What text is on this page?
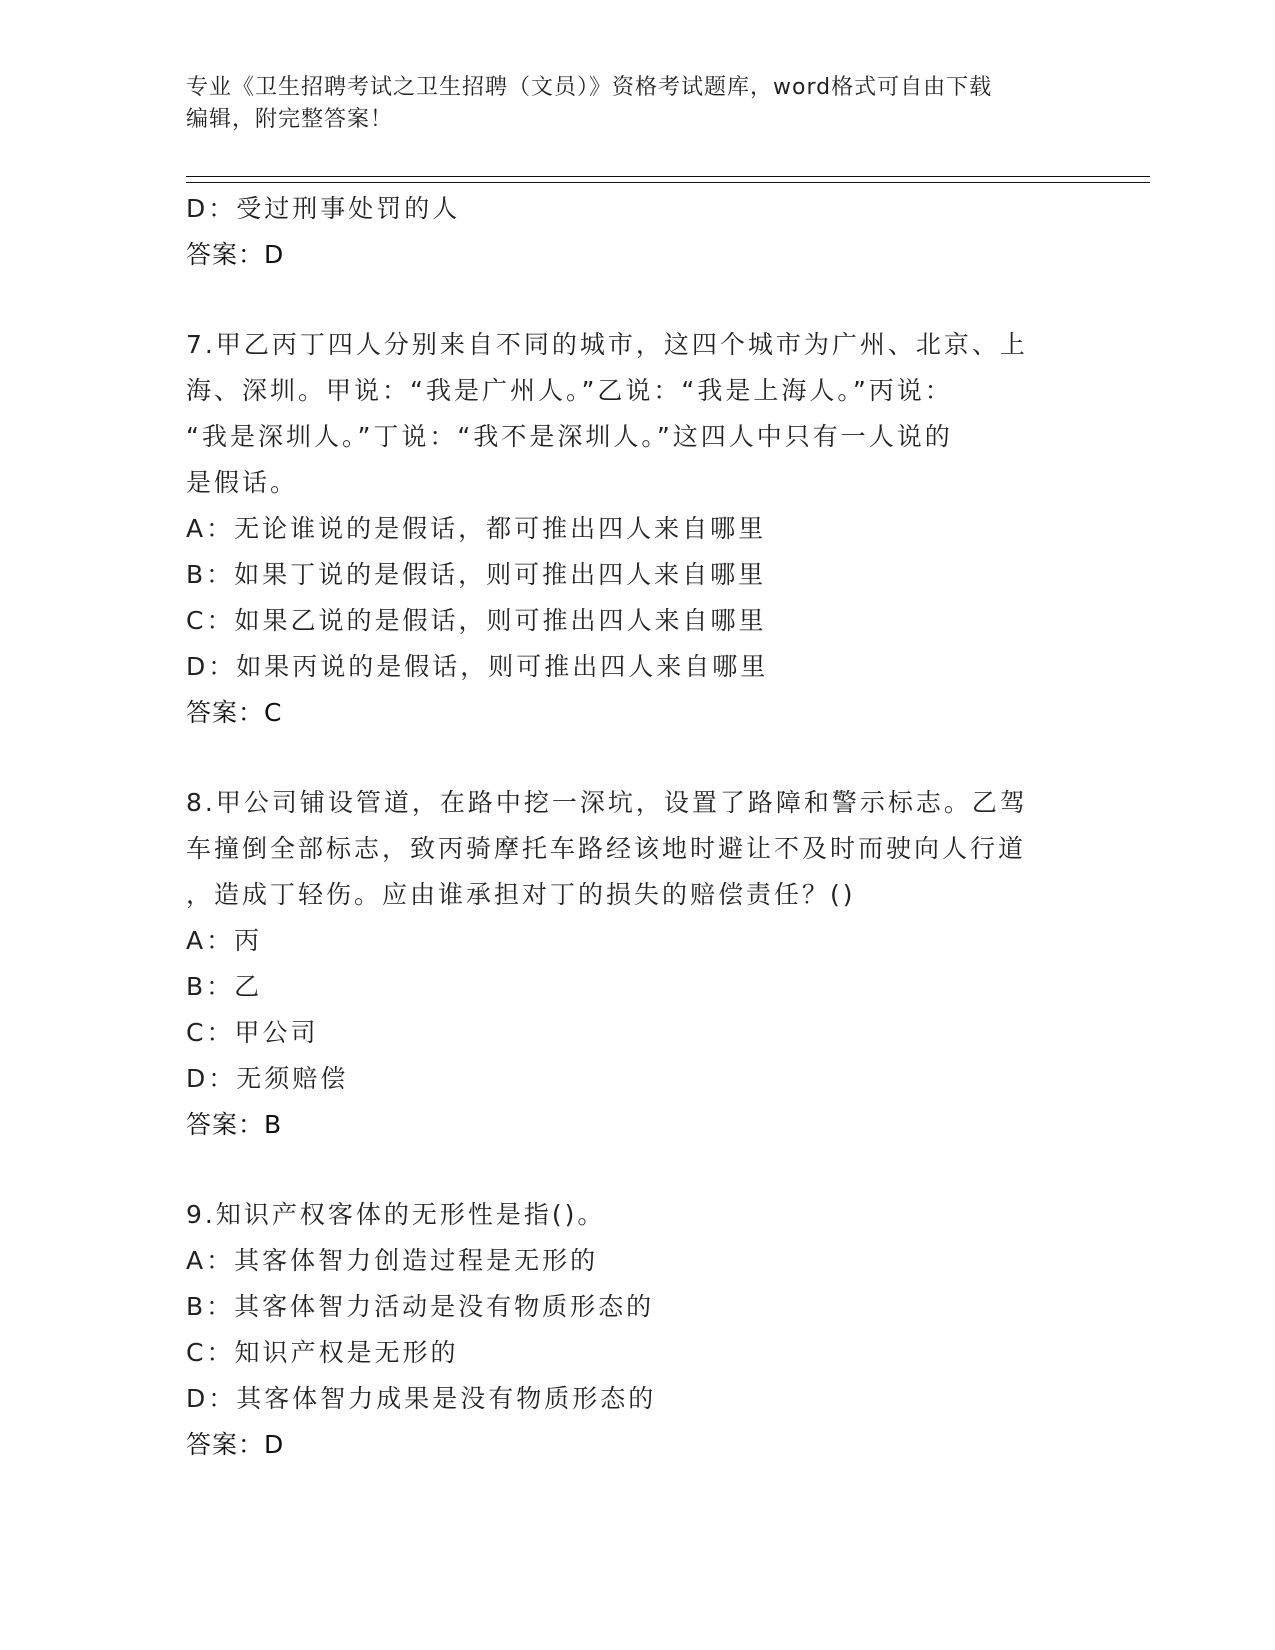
专业《卫生招聘考试之卫生招聘（文员）》资格考试题库，word格式可自由下载
编辑，附完整答案！
D：受过刑事处罚的人
答案：D
7.甲乙丙丁四人分别来自不同的城市，这四个城市为广州、北京、上
海、深圳。甲说：“我是广州人。”乙说：“我是上海人。”丙说：
“我是深圳人。”丁说：“我不是深圳人。”这四人中只有一人说的
是假话。
A：无论谁说的是假话，都可推出四人来自哪里
B：如果丁说的是假话，则可推出四人来自哪里
C：如果乙说的是假话，则可推出四人来自哪里
D：如果丙说的是假话，则可推出四人来自哪里
答案：C
8.甲公司铺设管道，在路中挖一深坑，设置了路障和警示标志。乙驾
车撞倒全部标志，致丙骑摩托车路经该地时避让不及时而驶向人行道
，造成丁轻伤。应由谁承担对丁的损失的赔偿责任？()
A：丙
B：乙
C：甲公司
D：无须赔偿
答案：B
9.知识产权客体的无形性是指()。
A：其客体智力创造过程是无形的
B：其客体智力活动是没有物质形态的
C：知识产权是无形的
D：其客体智力成果是没有物质形态的
答案：D
